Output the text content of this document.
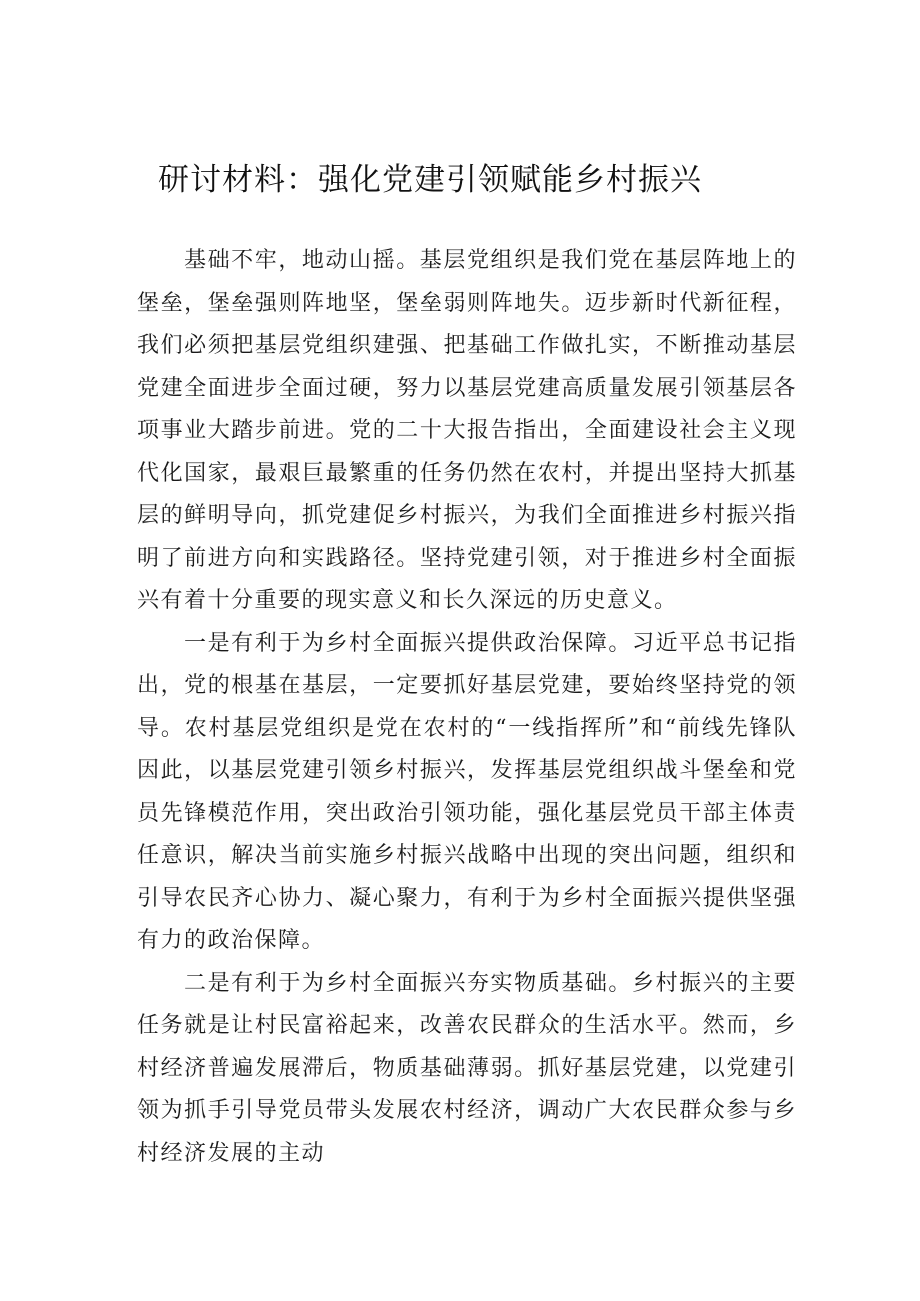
研讨材料：强化党建引领赋能乡村振兴

基础不牢，地动山摇。基层党组织是我们党在基层阵地上的堡垒，堡垒强则阵地坚，堡垒弱则阵地失。迈步新时代新征程，我们必须把基层党组织建强、把基础工作做扎实，不断推动基层党建全面进步全面过硬，努力以基层党建高质量发展引领基层各项事业大踏步前进。党的二十大报告指出，全面建设社会主义现代化国家，最艰巨最繁重的任务仍然在农村，并提出坚持大抓基层的鲜明导向，抓党建促乡村振兴，为我们全面推进乡村振兴指明了前进方向和实践路径。坚持党建引领，对于推进乡村全面振兴有着十分重要的现实意义和长久深远的历史意义。

一是有利于为乡村全面振兴提供政治保障。习近平总书记指出，党的根基在基层，一定要抓好基层党建，要始终坚持党的领导。农村基层党组织是党在农村的“一线指挥所”和“前线先锋队因此，以基层党建引领乡村振兴，发挥基层党组织战斗堡垒和党员先锋模范作用，突出政治引领功能，强化基层党员干部主体责任意识，解决当前实施乡村振兴战略中出现的突出问题，组织和引导农民齐心协力、凝心聚力，有利于为乡村全面振兴提供坚强有力的政治保障。

二是有利于为乡村全面振兴夯实物质基础。乡村振兴的主要任务就是让村民富裕起来，改善农民群众的生活水平。然而，乡村经济普遍发展滞后，物质基础薄弱。抓好基层党建，以党建引领为抓手引导党员带头发展农村经济，调动广大农民群众参与乡村经济发展的主动
